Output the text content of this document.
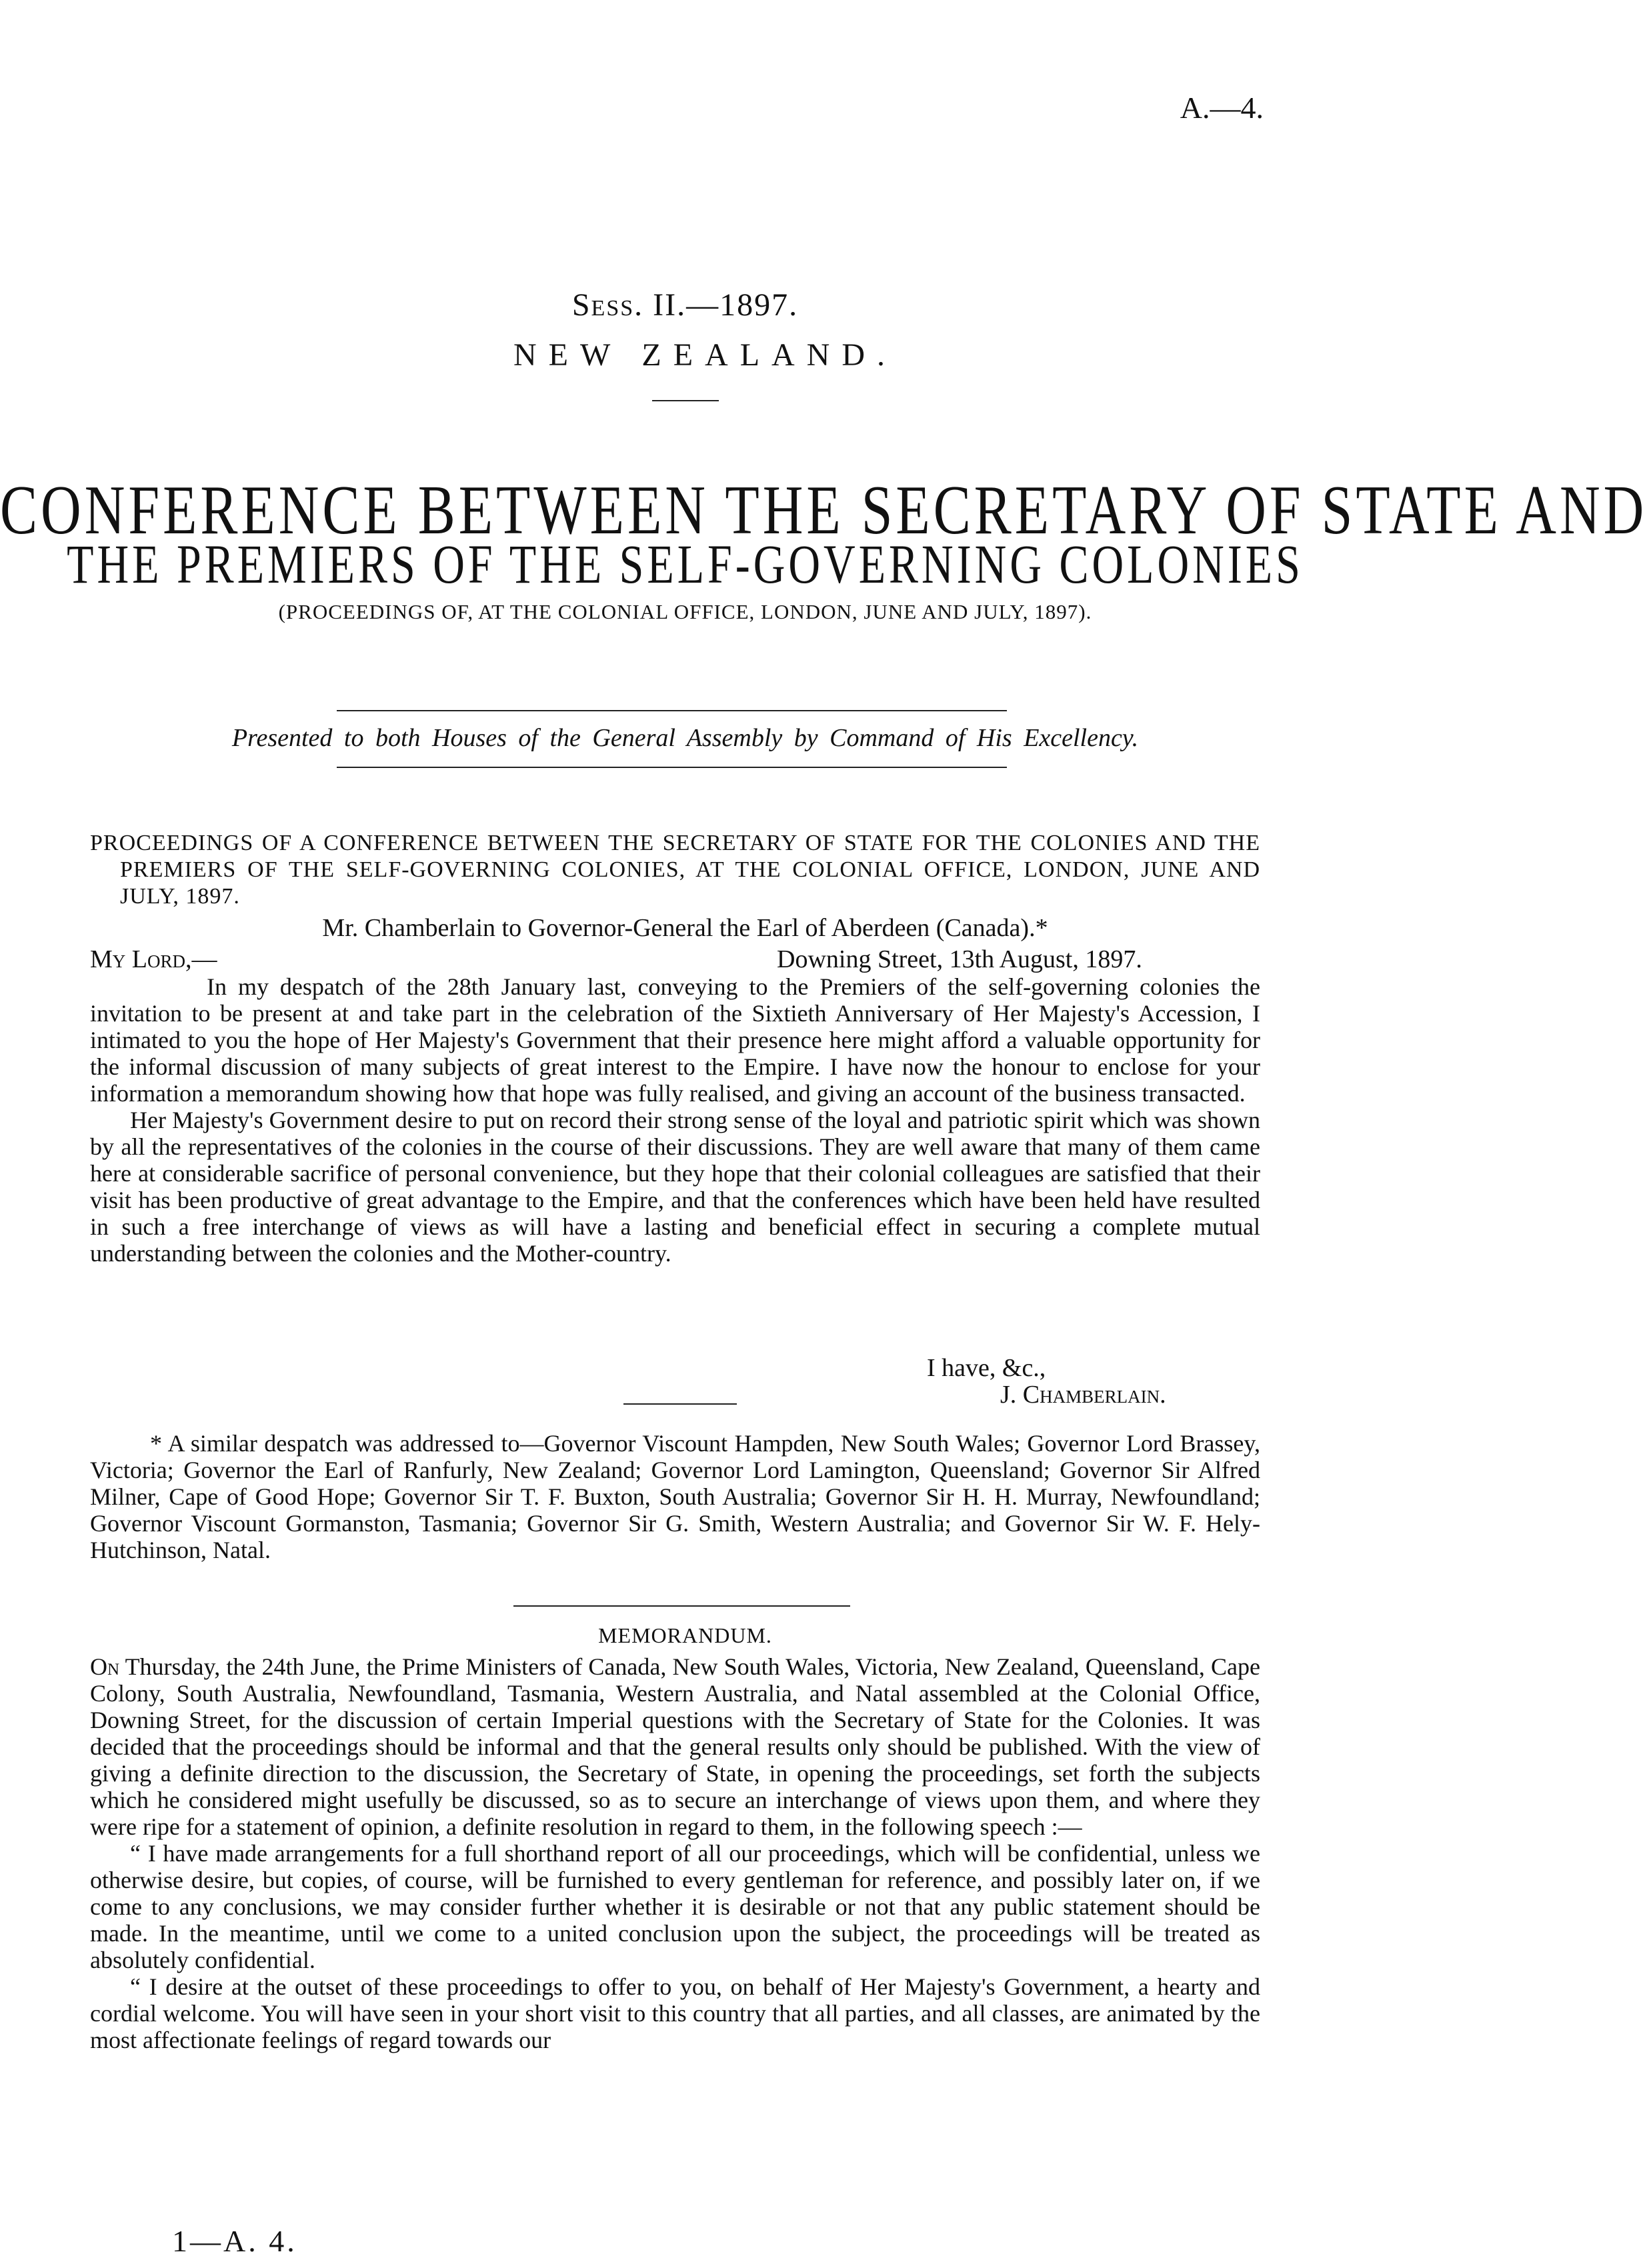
A.—4.
Sess. II.—1897.
NEW ZEALAND.
CONFERENCE BETWEEN THE SECRETARY OF STATE AND
THE PREMIERS OF THE SELF-GOVERNING COLONIES
(PROCEEDINGS OF, AT THE COLONIAL OFFICE, LONDON, JUNE AND JULY, 1897).
Presented to both Houses of the General Assembly by Command of His Excellency.
PROCEEDINGS OF A CONFERENCE BETWEEN THE SECRETARY OF STATE FOR THE COLONIES AND THE PREMIERS OF THE SELF-GOVERNING COLONIES, AT THE COLONIAL OFFICE, LONDON, JUNE AND JULY, 1897.
Mr. Chamberlain to Governor-General the Earl of Aberdeen (Canada).*
My Lord,—	Downing Street, 13th August, 1897.

In my despatch of the 28th January last, conveying to the Premiers of the self-governing colonies the invitation to be present at and take part in the celebration of the Sixtieth Anniversary of Her Majesty's Accession, I intimated to you the hope of Her Majesty's Government that their presence here might afford a valuable opportunity for the informal discussion of many subjects of great interest to the Empire. I have now the honour to enclose for your information a memorandum showing how that hope was fully realised, and giving an account of the business transacted.

Her Majesty's Government desire to put on record their strong sense of the loyal and patriotic spirit which was shown by all the representatives of the colonies in the course of their discussions. They are well aware that many of them came here at considerable sacrifice of personal convenience, but they hope that their colonial colleagues are satisfied that their visit has been productive of great advantage to the Empire, and that the conferences which have been held have resulted in such a free interchange of views as will have a lasting and beneficial effect in securing a complete mutual understanding between the colonies and the Mother-country.

I have, &c.,
J. Chamberlain.

* A similar despatch was addressed to—Governor Viscount Hampden, New South Wales; Governor Lord Brassey, Victoria; Governor the Earl of Ranfurly, New Zealand; Governor Lord Lamington, Queensland; Governor Sir Alfred Milner, Cape of Good Hope; Governor Sir T. F. Buxton, South Australia; Governor Sir H. H. Murray, Newfoundland; Governor Viscount Gormanston, Tasmania; Governor Sir G. Smith, Western Australia; and Governor Sir W. F. Hely-Hutchinson, Natal.

MEMORANDUM.

On Thursday, the 24th June, the Prime Ministers of Canada, New South Wales, Victoria, New Zealand, Queensland, Cape Colony, South Australia, Newfoundland, Tasmania, Western Australia, and Natal assembled at the Colonial Office, Downing Street, for the discussion of certain Imperial questions with the Secretary of State for the Colonies. It was decided that the proceedings should be informal and that the general results only should be published. With the view of giving a definite direction to the discussion, the Secretary of State, in opening the proceedings, set forth the subjects which he considered might usefully be discussed, so as to secure an interchange of views upon them, and where they were ripe for a statement of opinion, a definite resolution in regard to them, in the following speech :—

“ I have made arrangements for a full shorthand report of all our proceedings, which will be confidential, unless we otherwise desire, but copies, of course, will be furnished to every gentleman for reference, and possibly later on, if we come to any conclusions, we may consider further whether it is desirable or not that any public statement should be made. In the meantime, until we come to a united conclusion upon the subject, the proceedings will be treated as absolutely confidential.

“ I desire at the outset of these proceedings to offer to you, on behalf of Her Majesty's Government, a hearty and cordial welcome. You will have seen in your short visit to this country that all parties, and all classes, are animated by the most affectionate feelings of regard towards our

1—A. 4.
